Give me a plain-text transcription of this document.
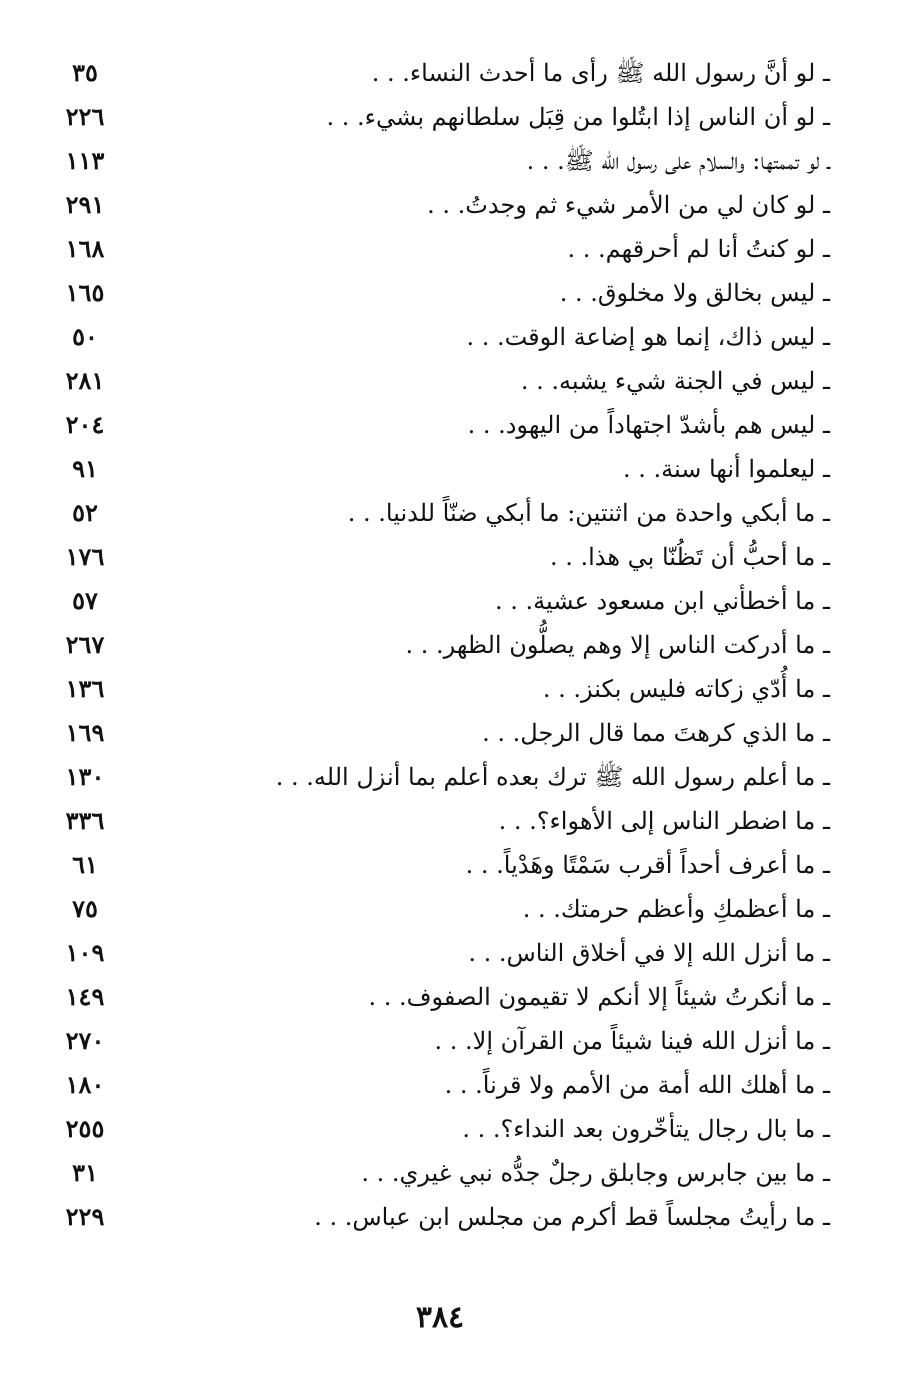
ـ لو أنَّ رسول الله ﷺ رأى ما أحدث النساء. . .
٣٥
ـ لو أن الناس إذا ابتُلوا من قِبَل سلطانهم بشيء. . .
٢٢٦
ـ لو تممتها: والسلام على رسول الله ﷺ. . .
١١٣
ـ لو كان لي من الأمر شيء ثم وجدتُ. . .
٢٩١
ـ لو كنتُ أنا لم أحرقهم. . .
١٦٨
ـ ليس بخالق ولا مخلوق. . .
١٦٥
ـ ليس ذاك، إنما هو إضاعة الوقت. . .
٥٠
ـ ليس في الجنة شيء يشبه. . .
٢٨١
ـ ليس هم بأشدّ اجتهاداً من اليهود. . .
٢٠٤
ـ ليعلموا أنها سنة. . .
٩١
ـ ما أبكي واحدة من اثنتين: ما أبكي ضنّاً للدنيا. . .
٥٢
ـ ما أحبُّ أن تَظُنّا بي هذا. . .
١٧٦
ـ ما أخطأني ابن مسعود عشية. . .
٥٧
ـ ما أدركت الناس إلا وهم يصلُّون الظهر. . .
٢٦٧
ـ ما أُدّي زكاته فليس بكنز. . .
١٣٦
ـ ما الذي كرهتَ مما قال الرجل. . .
١٦٩
ـ ما أعلم رسول الله ﷺ ترك بعده أعلم بما أنزل الله. . .
١٣٠
ـ ما اضطر الناس إلى الأهواء؟. . .
٣٣٦
ـ ما أعرف أحداً أقرب سَمْتًا وهَدْياً. . .
٦١
ـ ما أعظمكِ وأعظم حرمتك. . .
٧٥
ـ ما أنزل الله إلا في أخلاق الناس. . .
١٠٩
ـ ما أنكرتُ شيئاً إلا أنكم لا تقيمون الصفوف. . .
١٤٩
ـ ما أنزل الله فينا شيئاً من القرآن إلا. . .
٢٧٠
ـ ما أهلك الله أمة من الأمم ولا قرناً. . .
١٨٠
ـ ما بال رجال يتأخّرون بعد النداء؟. . .
٢٥٥
ـ ما بين جابرس وجابلق رجلٌ جدُّه نبي غيري. . .
٣١
ـ ما رأيتُ مجلساً قط أكرم من مجلس ابن عباس. . .
٢٢٩
٣٨٤
